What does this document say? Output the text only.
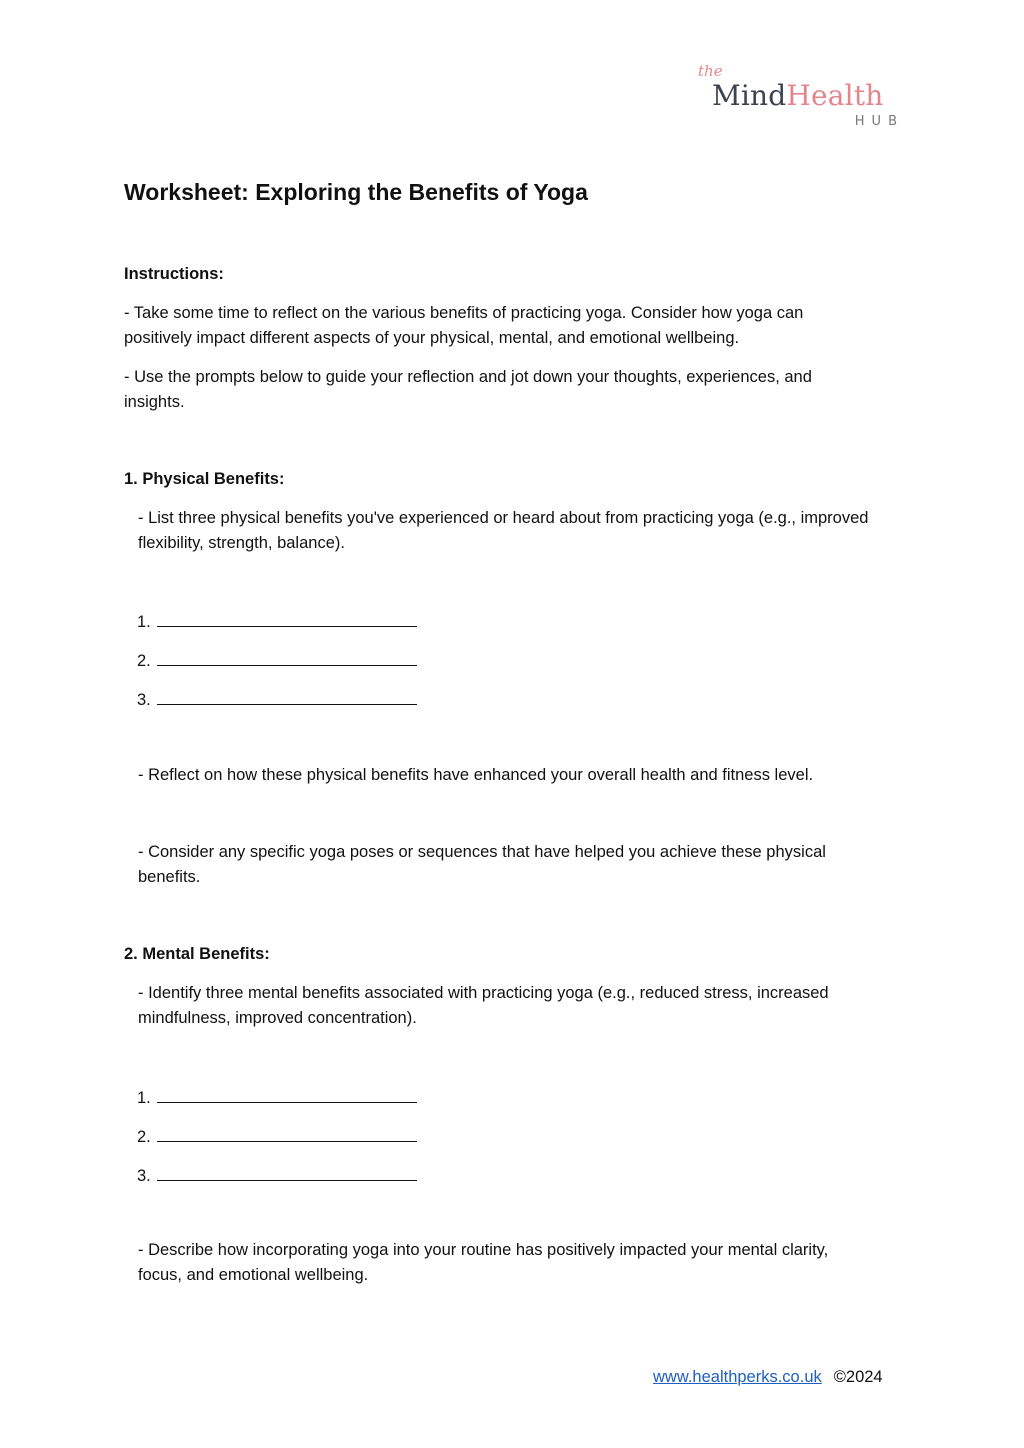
the
MindHealth
HUB
Worksheet: Exploring the Benefits of Yoga

Instructions:

- Take some time to reflect on the various benefits of practicing yoga. Consider how yoga can positively impact different aspects of your physical, mental, and emotional wellbeing.

- Use the prompts below to guide your reflection and jot down your thoughts, experiences, and insights.

1. Physical Benefits:

- List three physical benefits you've experienced or heard about from practicing yoga (e.g., improved flexibility, strength, balance).

1.
2.
3.

- Reflect on how these physical benefits have enhanced your overall health and fitness level.

- Consider any specific yoga poses or sequences that have helped you achieve these physical benefits.

2. Mental Benefits:

- Identify three mental benefits associated with practicing yoga (e.g., reduced stress, increased mindfulness, improved concentration).

1.
2.
3.

- Describe how incorporating yoga into your routine has positively impacted your mental clarity, focus, and emotional wellbeing.

www.healthperks.co.uk ©2024
